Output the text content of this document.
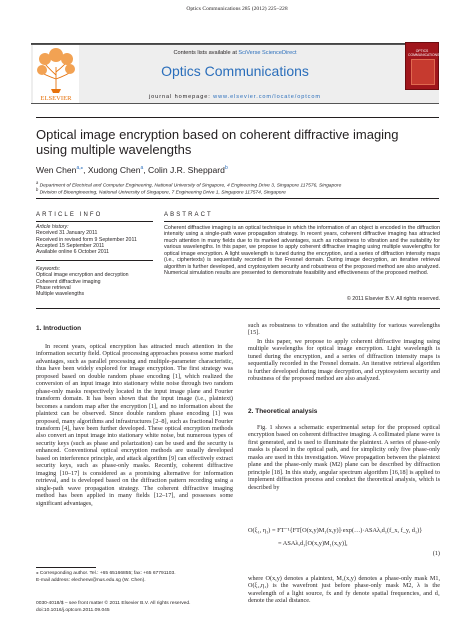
Optics Communications 285 (2012) 225–228
ELSEVIER
Contents lists available at SciVerse ScienceDirect
Optics Communications
journal homepage: www.elsevier.com/locate/optcom
OPTICS COMMUNICATIONS
Optical image encryption based on coherent diffractive imaging using multiple wavelengths
Wen Chen$^{a,⁎}$, Xudong Chen$^a$, Colin J.R. Sheppard$^b$
$^a$ Department of Electrical and Computer Engineering, National University of Singapore, 4 Engineering Drive 3, Singapore 117576, Singapore
$^b$ Division of Bioengineering, National University of Singapore, 7 Engineering Drive 1, Singapore 117574, Singapore
ARTICLE INFO
Article history:
Received 31 January 2011
Received in revised form 9 September 2011
Accepted 15 September 2011
Available online 6 October 2011
Keywords:
Optical image encryption and decryption
Coherent diffractive imaging
Phase retrieval
Multiple wavelengths
ABSTRACT
Coherent diffractive imaging is an optical technique in which the information of an object is encoded in the diffraction intensity using a single-path wave propagation strategy. In recent years, coherent diffractive imaging has attracted much attention in many fields due to its marked advantages, such as robustness to vibration and the suitability for various wavelengths. In this paper, we propose to apply coherent diffractive imaging using multiple wavelengths for optical image encryption. A light wavelength is tuned during the encryption, and a series of diffraction intensity maps (i.e., ciphertexts) is sequentially recorded in the Fresnel domain. During image decryption, an iterative retrieval algorithm is further developed, and cryptosystem security and robustness of the proposed method are also analyzed. Numerical simulation results are presented to demonstrate feasibility and effectiveness of the proposed method.
© 2011 Elsevier B.V. All rights reserved.
1. Introduction
In recent years, optical encryption has attracted much attention in the information security field. Optical processing approaches possess some marked advantages, such as parallel processing and multiple-parameter characteristic, thus have been widely explored for image encryption. The first strategy was proposed based on double random phase encoding [1], which realized the conversion of an input image into stationary white noise through two random phase-only masks respectively located in the input image plane and Fourier transform domain. It has been shown that the input image (i.e., plaintext) becomes a random map after the encryption [1], and no information about the plaintext can be observed. Since double random phase encoding [1] was proposed, many algorithms and infrastructures [2–8], such as fractional Fourier transform [4], have been further developed. These optical encryption methods also convert an input image into stationary white noise, but numerous types of security keys (such as phase and polarization) can be used and the security is enhanced. Conventional optical encryption methods are usually developed based on interference principle, and attack algorithm [9] can effectively extract security keys, such as phase-only masks. Recently, coherent diffractive imaging [10–17] is considered as a promising alternative for information retrieval, and is developed based on the diffraction pattern recording using a single-path wave propagation strategy. The coherent diffractive imaging method has been applied in many fields [12–17], and possesses some significant advantages,
such as robustness to vibration and the suitability for various wavelengths [15].
In this paper, we propose to apply coherent diffractive imaging using multiple wavelengths for optical image encryption. Light wavelength is tuned during the encryption, and a series of diffraction intensity maps is sequentially recorded in the Fresnel domain. An iterative retrieval algorithm is further developed during image decryption, and cryptosystem security and robustness of the proposed method are also analyzed.
2. Theoretical analysis
Fig. 1 shows a schematic experimental setup for the proposed optical encryption based on coherent diffractive imaging. A collimated plane wave is first generated, and is used to illuminate the plaintext. A series of phase-only masks is placed in the optical path, and for simplicity only five phase-only masks are used in this investigation. Wave propagation between the plaintext plane and the phase-only mask (M2) plane can be described by diffraction principle [18]. In this study, angular spectrum algorithm [16,18] is applied to implement diffraction process and conduct the theoretical analysis, which is described by
O(ξ₁, η₁) = FT⁻¹{FT[O(x,y)M₁(x,y)]·exp(…)·ASAλ,d₁(f_x, f_y, d₁)}
= ASAλ,d₁[O(x,y)M₁(x,y)],
(1)
where O(x,y) denotes a plaintext, M₁(x,y) denotes a phase-only mask M1, O(ξ₁,η₁) is the wavefront just before phase-only mask M2, λ is the wavelength of a light source, fx and fy denote spatial frequencies, and d₁ denote the axial distance.
⁎ Corresponding author. Tel.: +65 65166855; fax: +65 67791103.
E-mail address: elechenw@nus.edu.sg (W. Chen).
0030-4018/$ – see front matter © 2011 Elsevier B.V. All rights reserved.
doi:10.1016/j.optcom.2011.09.045
